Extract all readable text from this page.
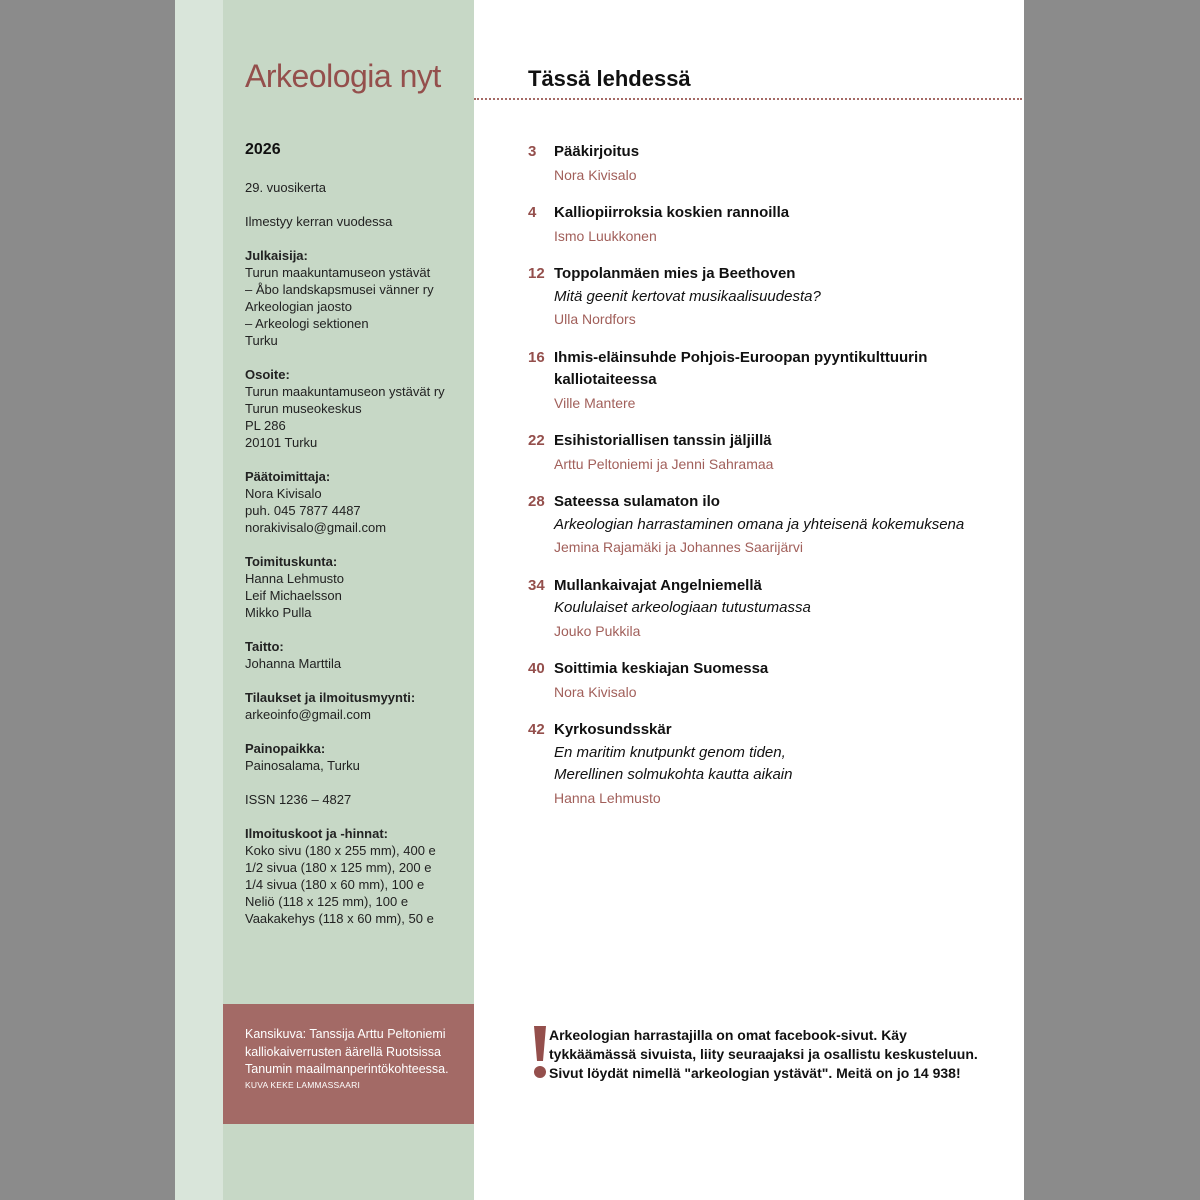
Arkeologia nyt
2026

29. vuosikerta

Ilmestyy kerran vuodessa

Julkaisija:
Turun maakuntamuseon ystävät
– Åbo landskapsmusei vänner ry
Arkeologian jaosto
– Arkeologi sektionen
Turku

Osoite:
Turun maakuntamuseon ystävät ry
Turun museokeskus
PL 286
20101 Turku

Päätoimittaja:
Nora Kivisalo
puh. 045 7877 4487
norakivisalo@gmail.com

Toimituskunta:
Hanna Lehmusto
Leif Michaelsson
Mikko Pulla

Taitto:
Johanna Marttila

Tilaukset ja ilmoitusmyynti:
arkeoinfo@gmail.com

Painopaikka:
Painosalama, Turku

ISSN 1236 – 4827

Ilmoituskoot ja -hinnat:
Koko sivu (180 x 255 mm), 400 e
1/2 sivua (180 x 125 mm), 200 e
1/4 sivua (180 x 60 mm), 100 e
Neliö (118 x 125 mm), 100 e
Vaakakehys (118 x 60 mm), 50 e

Kansikuva: Tanssija Arttu Peltoniemi kalliokaiverrusten äärellä Ruotsissa Tanumin maailmanperintökohteessa.
KUVA KEKE LAMMASSAARI
Tässä lehdessä
3 Pääkirjoitus
Nora Kivisalo
4 Kalliopiirroksia koskien rannoilla
Ismo Luukkonen
12 Toppolanmäen mies ja Beethoven
Mitä geenit kertovat musikaalisuudesta?
Ulla Nordfors
16 Ihmis-eläinsuhde Pohjois-Euroopan pyyntikulttuurin kalliotaiteessa
Ville Mantere
22 Esihistoriallisen tanssin jäljillä
Arttu Peltoniemi ja Jenni Sahramaa
28 Sateessa sulamaton ilo
Arkeologian harrastaminen omana ja yhteisenä kokemuksena
Jemina Rajamäki ja Johannes Saarijärvi
34 Mullankaivajat Angelniemellä
Koululaiset arkeologiaan tutustumassa
Jouko Pukkila
40 Soittimia keskiajan Suomessa
Nora Kivisalo
42 Kyrkosundsskär
En maritim knutpunkt genom tiden,
Merellinen solmukohta kautta aikain
Hanna Lehmusto
Arkeologian harrastajilla on omat facebook-sivut. Käy tykkäämässä sivuista, liity seuraajaksi ja osallistu keskusteluun. Sivut löydät nimellä "arkeologian ystävät". Meitä on jo 14 938!
